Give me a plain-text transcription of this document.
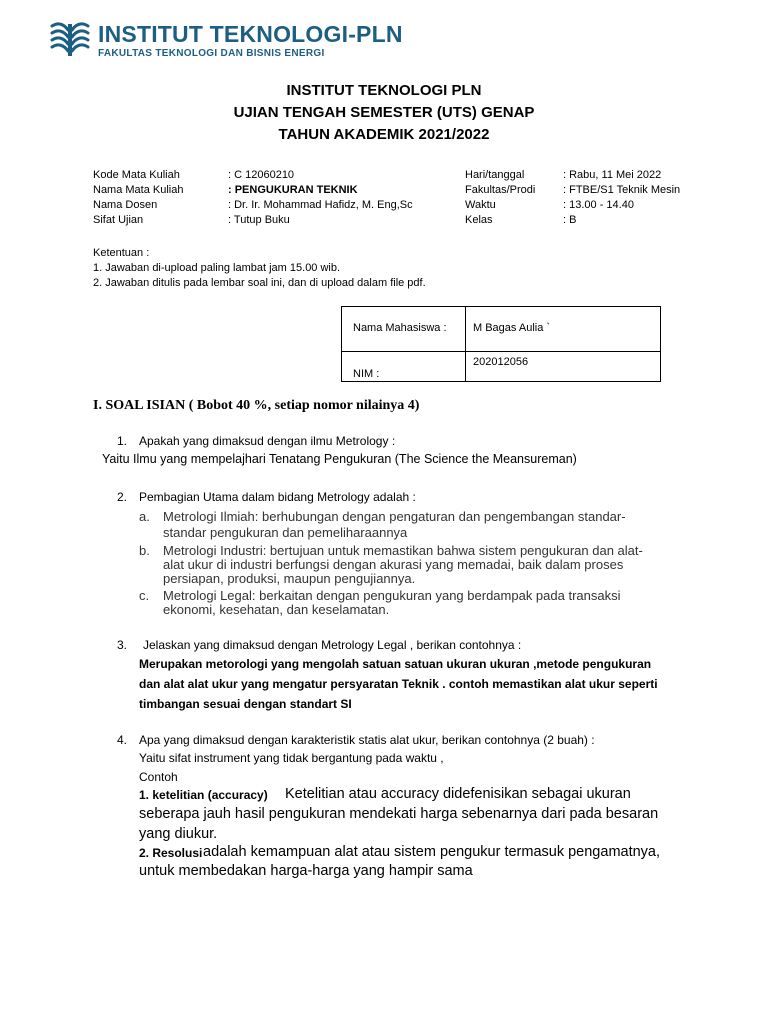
INSTITUT TEKNOLOGI-PLN
FAKULTAS TEKNOLOGI DAN BISNIS ENERGI
INSTITUT TEKNOLOGI PLN
UJIAN TENGAH SEMESTER (UTS) GENAP
TAHUN AKADEMIK 2021/2022
Kode Mata Kuliah	: C 12060210
Nama Mata Kuliah	: PENGUKURAN TEKNIK
Nama Dosen	: Dr. Ir. Mohammad Hafidz, M. Eng,Sc
Sifat Ujian	: Tutup Buku
Hari/tanggal	: Rabu, 11 Mei 2022
Fakultas/Prodi	: FTBE/S1 Teknik Mesin
Waktu	: 13.00 - 14.40
Kelas	: B
Ketentuan :
1. Jawaban di-upload paling lambat jam 15.00 wib.
2. Jawaban ditulis pada lembar soal ini, dan di upload dalam file pdf.
Nama Mahasiswa : M Bagas Aulia `
NIM :
202012056
I. SOAL ISIAN ( Bobot 40 %, setiap nomor nilainya 4)
1. Apakah yang dimaksud dengan ilmu Metrology :
Yaitu Ilmu yang mempelajhari Tenatang Pengukuran (The Science the Meansureman)
2. Pembagian Utama dalam bidang Metrology adalah :
a. Metrologi Ilmiah: berhubungan dengan pengaturan dan pengembangan standar-
standar pengukuran dan pemeliharaannya
b. Metrologi Industri: bertujuan untuk memastikan bahwa sistem pengukuran dan alat-
alat ukur di industri berfungsi dengan akurasi yang memadai, baik dalam proses
persiapan, produksi, maupun pengujiannya.
c. Metrologi Legal: berkaitan dengan pengukuran yang berdampak pada transaksi
ekonomi, kesehatan, dan keselamatan.
3. Jelaskan yang dimaksud dengan Metrology Legal , berikan contohnya :
Merupakan metorologi yang mengolah satuan satuan ukuran ukuran ,metode pengukuran
dan alat alat ukur yang mengatur persyaratan Teknik . contoh memastikan alat ukur seperti
timbangan sesuai dengan standart SI
4. Apa yang dimaksud dengan karakteristik statis alat ukur, berikan contohnya (2 buah) :
Yaitu sifat instrument yang tidak bergantung pada waktu ,
Contoh
1. ketelitian (accuracy) Ketelitian atau accuracy didefenisikan sebagai ukuran
seberapa jauh hasil pengukuran mendekati harga sebenarnya dari pada besaran
yang diukur.
2. Resolusi adalah kemampuan alat atau sistem pengukur termasuk pengamatnya,
untuk membedakan harga-harga yang hampir sama
